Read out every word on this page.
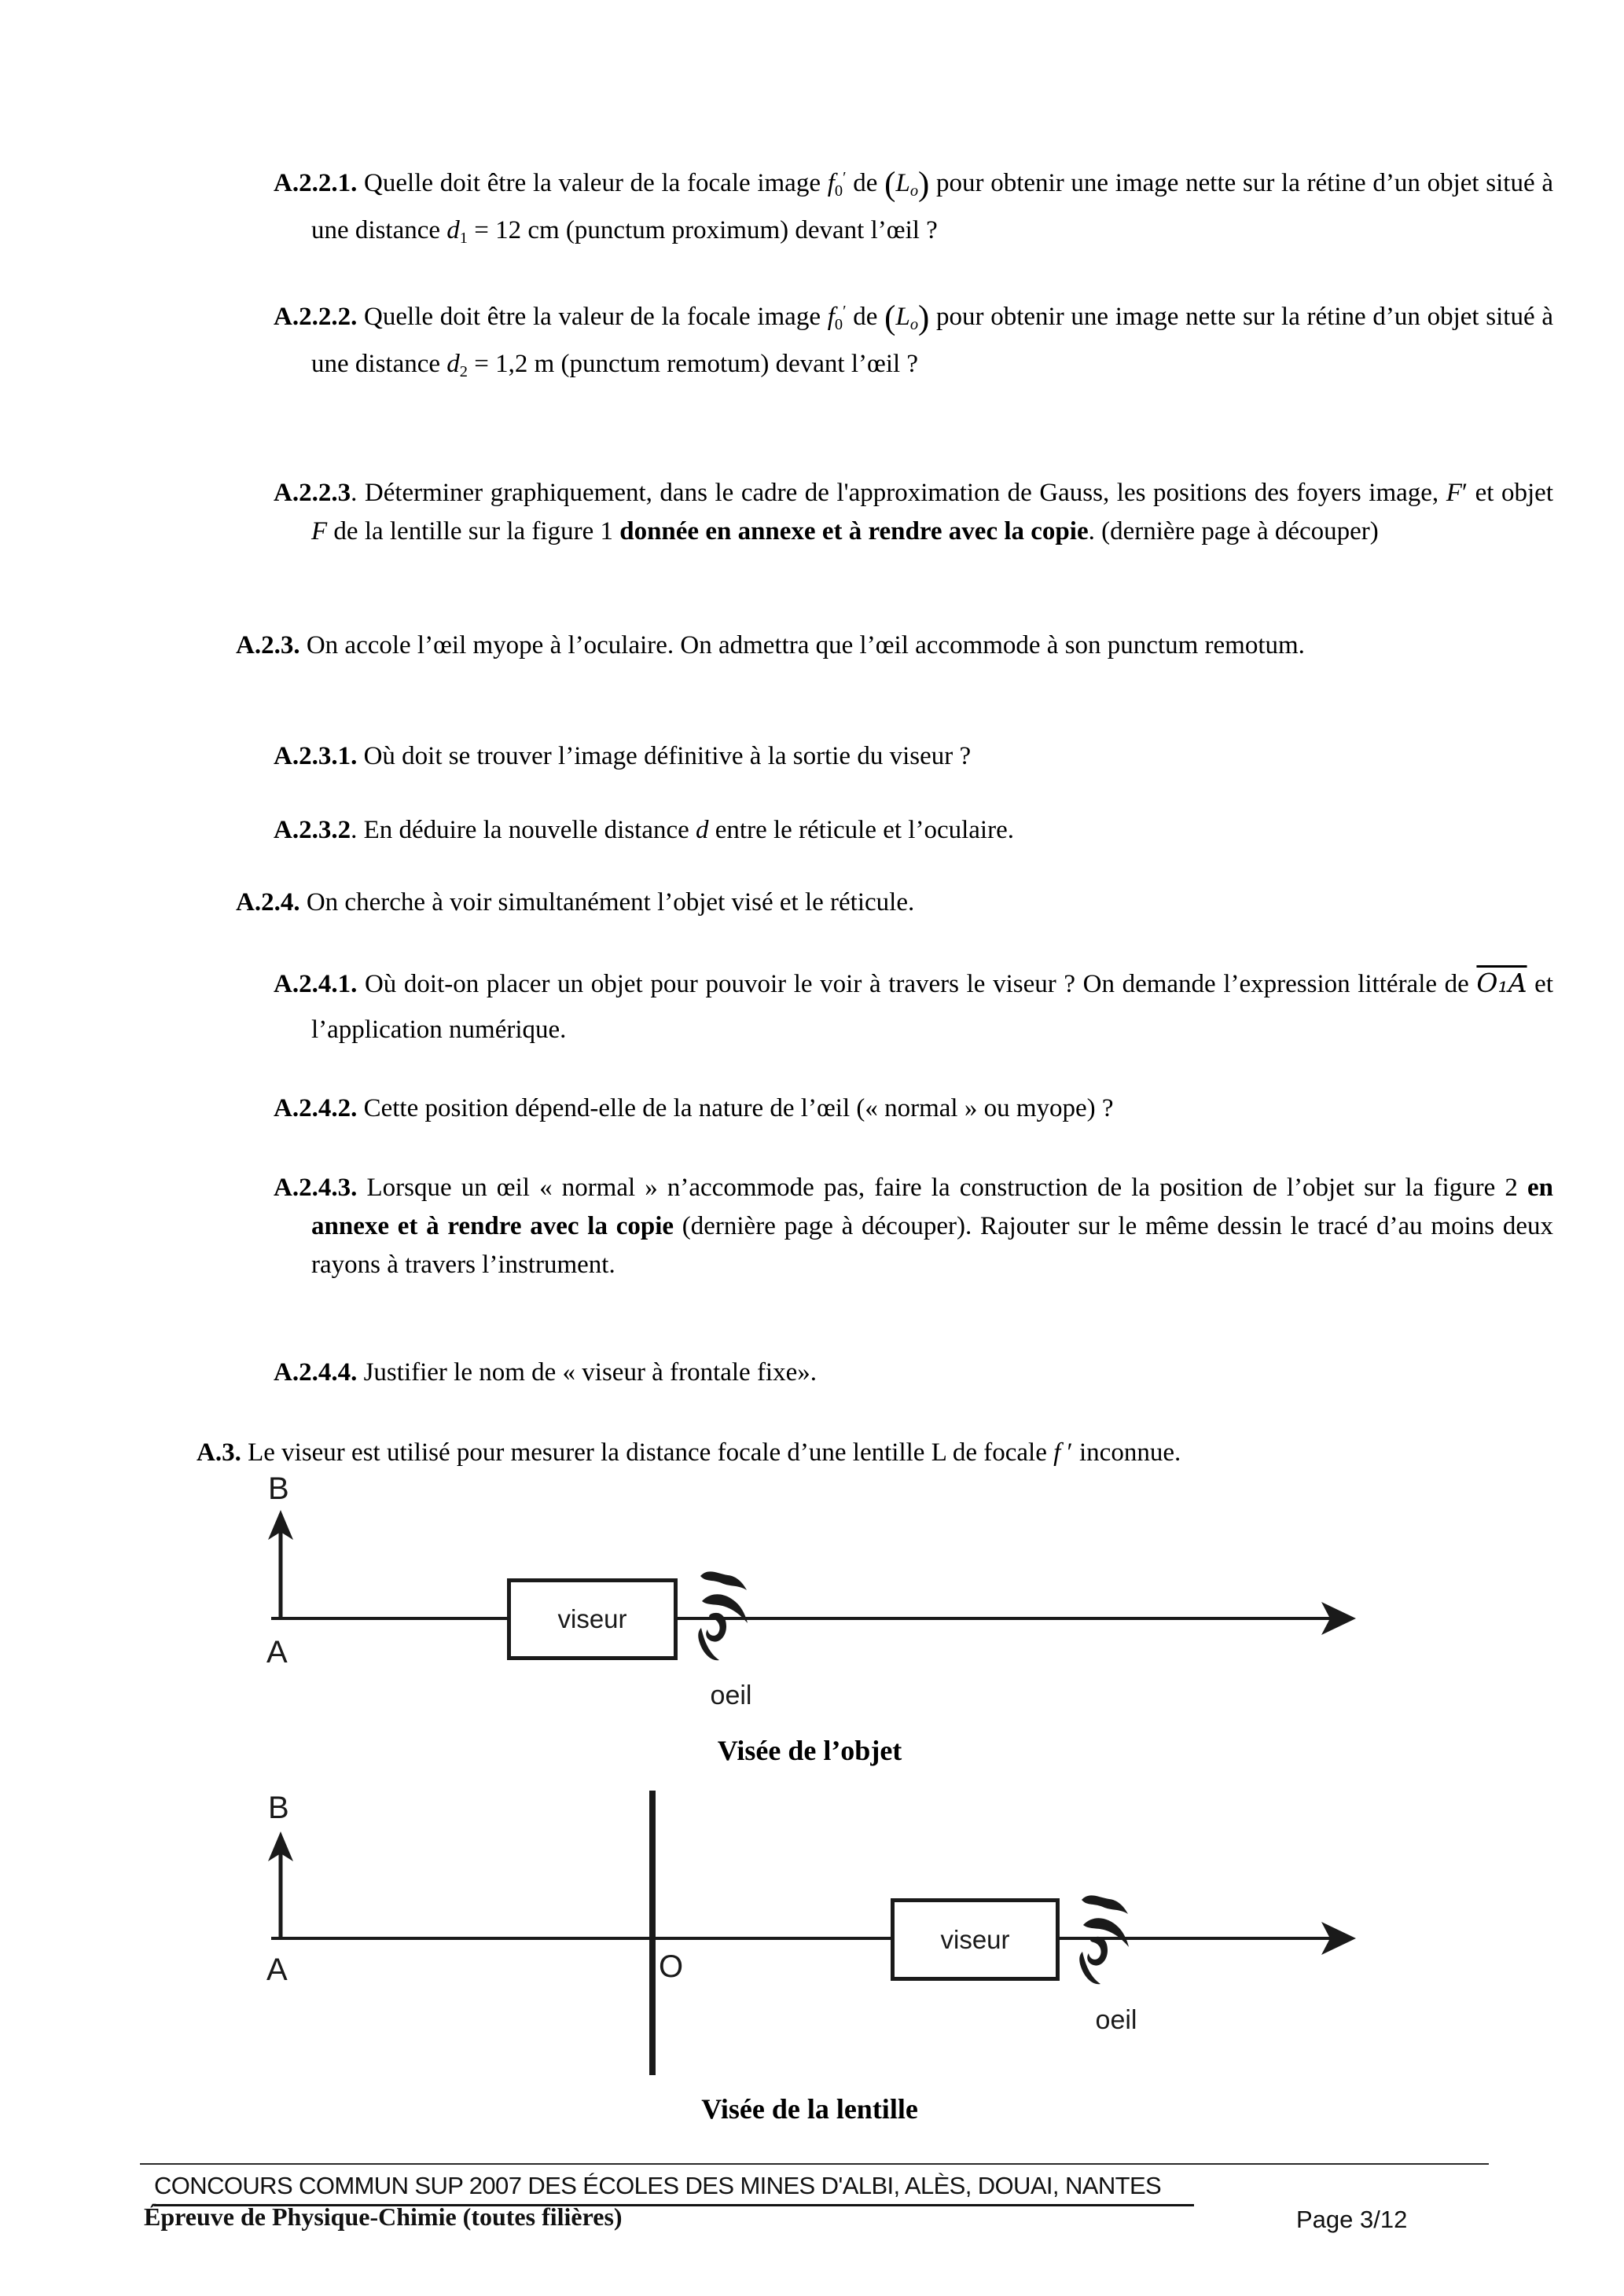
A.2.2.1. Quelle doit être la valeur de la focale image $f_0'$ de (Lo) pour obtenir une image nette sur la rétine d’un objet situé à une distance $d_1 = 12$ cm (punctum proximum) devant l’œil ?

A.2.2.2. Quelle doit être la valeur de la focale image $f_0'$ de (Lo) pour obtenir une image nette sur la rétine d’un objet situé à une distance $d_2 = 1,2$ m (punctum remotum) devant l’œil ?

A.2.2.3. Déterminer graphiquement, dans le cadre de l'approximation de Gauss, les positions des foyers image, F′ et objet F de la lentille sur la figure 1 donnée en annexe et à rendre avec la copie. (dernière page à découper)

A.2.3. On accole l’œil myope à l’oculaire. On admettra que l’œil accommode à son punctum remotum.

A.2.3.1. Où doit se trouver l’image définitive à la sortie du viseur ?

A.2.3.2. En déduire la nouvelle distance d entre le réticule et l’oculaire.

A.2.4. On cherche à voir simultanément l’objet visé et le réticule.

A.2.4.1. Où doit-on placer un objet pour pouvoir le voir à travers le viseur ? On demande l’expression littérale de O₁A et l’application numérique.

A.2.4.2. Cette position dépend-elle de la nature de l’œil (« normal » ou myope) ?

A.2.4.3. Lorsque un œil « normal » n’accommode pas, faire la construction de la position de l’objet sur la figure 2 en annexe et à rendre avec la copie (dernière page à découper). Rajouter sur le même dessin le tracé d’au moins deux rayons à travers l’instrument.

A.2.4.4. Justifier le nom de « viseur à frontale fixe».

A.3. Le viseur est utilisé pour mesurer la distance focale d’une lentille L de focale f ′ inconnue.

viseur
B
A
oeil
Visée de l’objet
viseur
B
A	O
oeil
Visée de la lentille
CONCOURS COMMUN SUP 2007 DES ÉCOLES DES MINES D'ALBI, ALÈS, DOUAI, NANTES
Épreuve de Physique-Chimie (toutes filières)	Page 3/12
